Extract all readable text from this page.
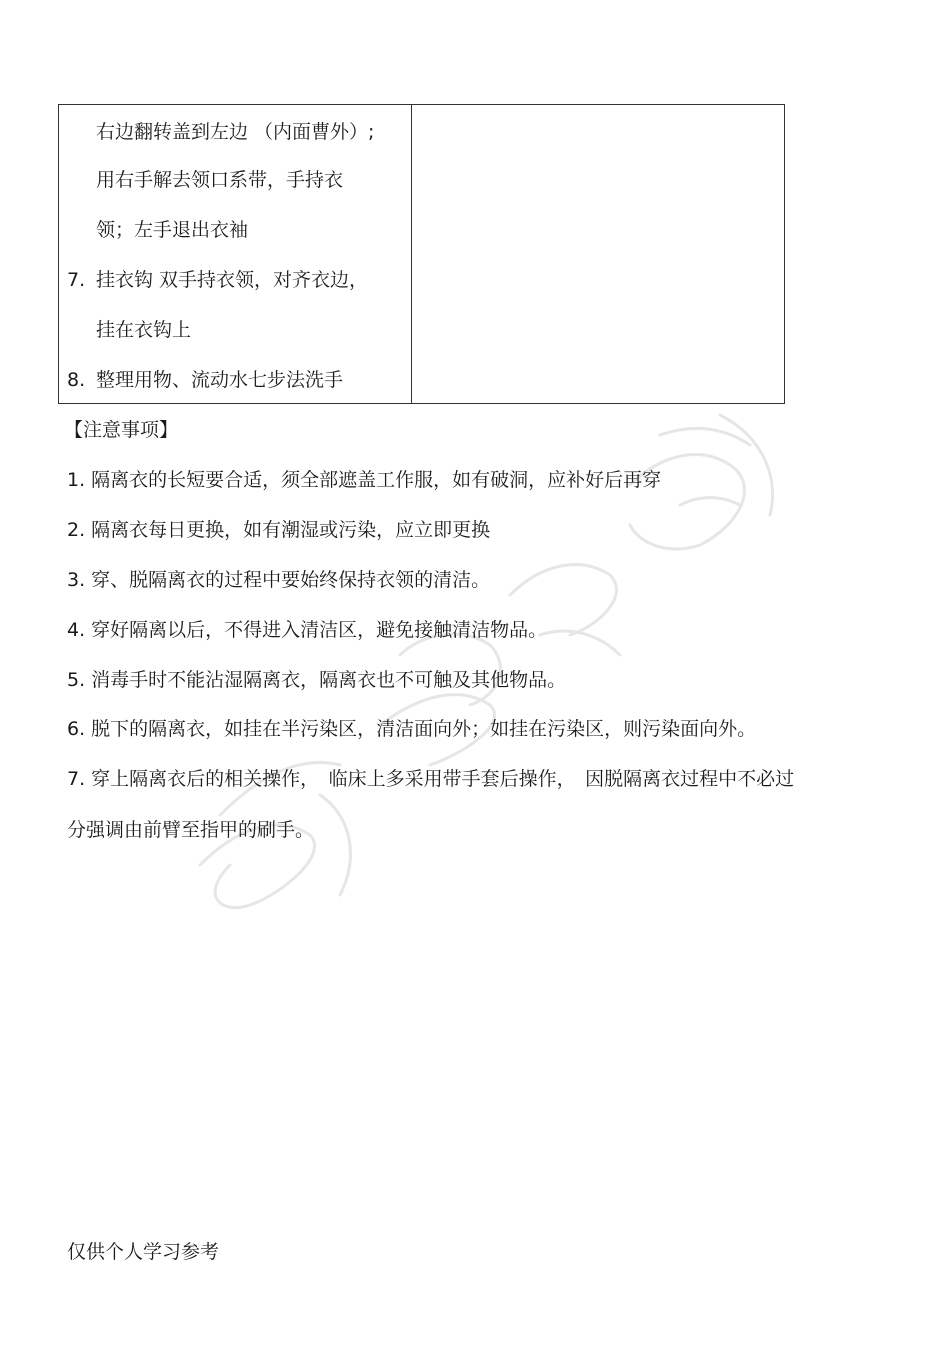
右边翻转盖到左边 （内面曹外）;
用右手解去领口系带，手持衣
领；左手退出衣袖
7. 挂衣钩 双手持衣领，对齐衣边，
挂在衣钩上
8. 整理用物、流动水七步法洗手
【注意事项】
1. 隔离衣的长短要合适，须全部遮盖工作服，如有破洞，应补好后再穿
2. 隔离衣每日更换，如有潮湿或污染，应立即更换
3. 穿、脱隔离衣的过程中要始终保持衣领的清洁。
4. 穿好隔离以后，不得进入清洁区，避免接触清洁物品。
5. 消毒手时不能沾湿隔离衣，隔离衣也不可触及其他物品。
6. 脱下的隔离衣，如挂在半污染区，清洁面向外；如挂在污染区，则污染面向外。
7. 穿上隔离衣后的相关操作，　临床上多采用带手套后操作，　因脱隔离衣过程中不必过
分强调由前臂至指甲的刷手。
仅供个人学习参考
